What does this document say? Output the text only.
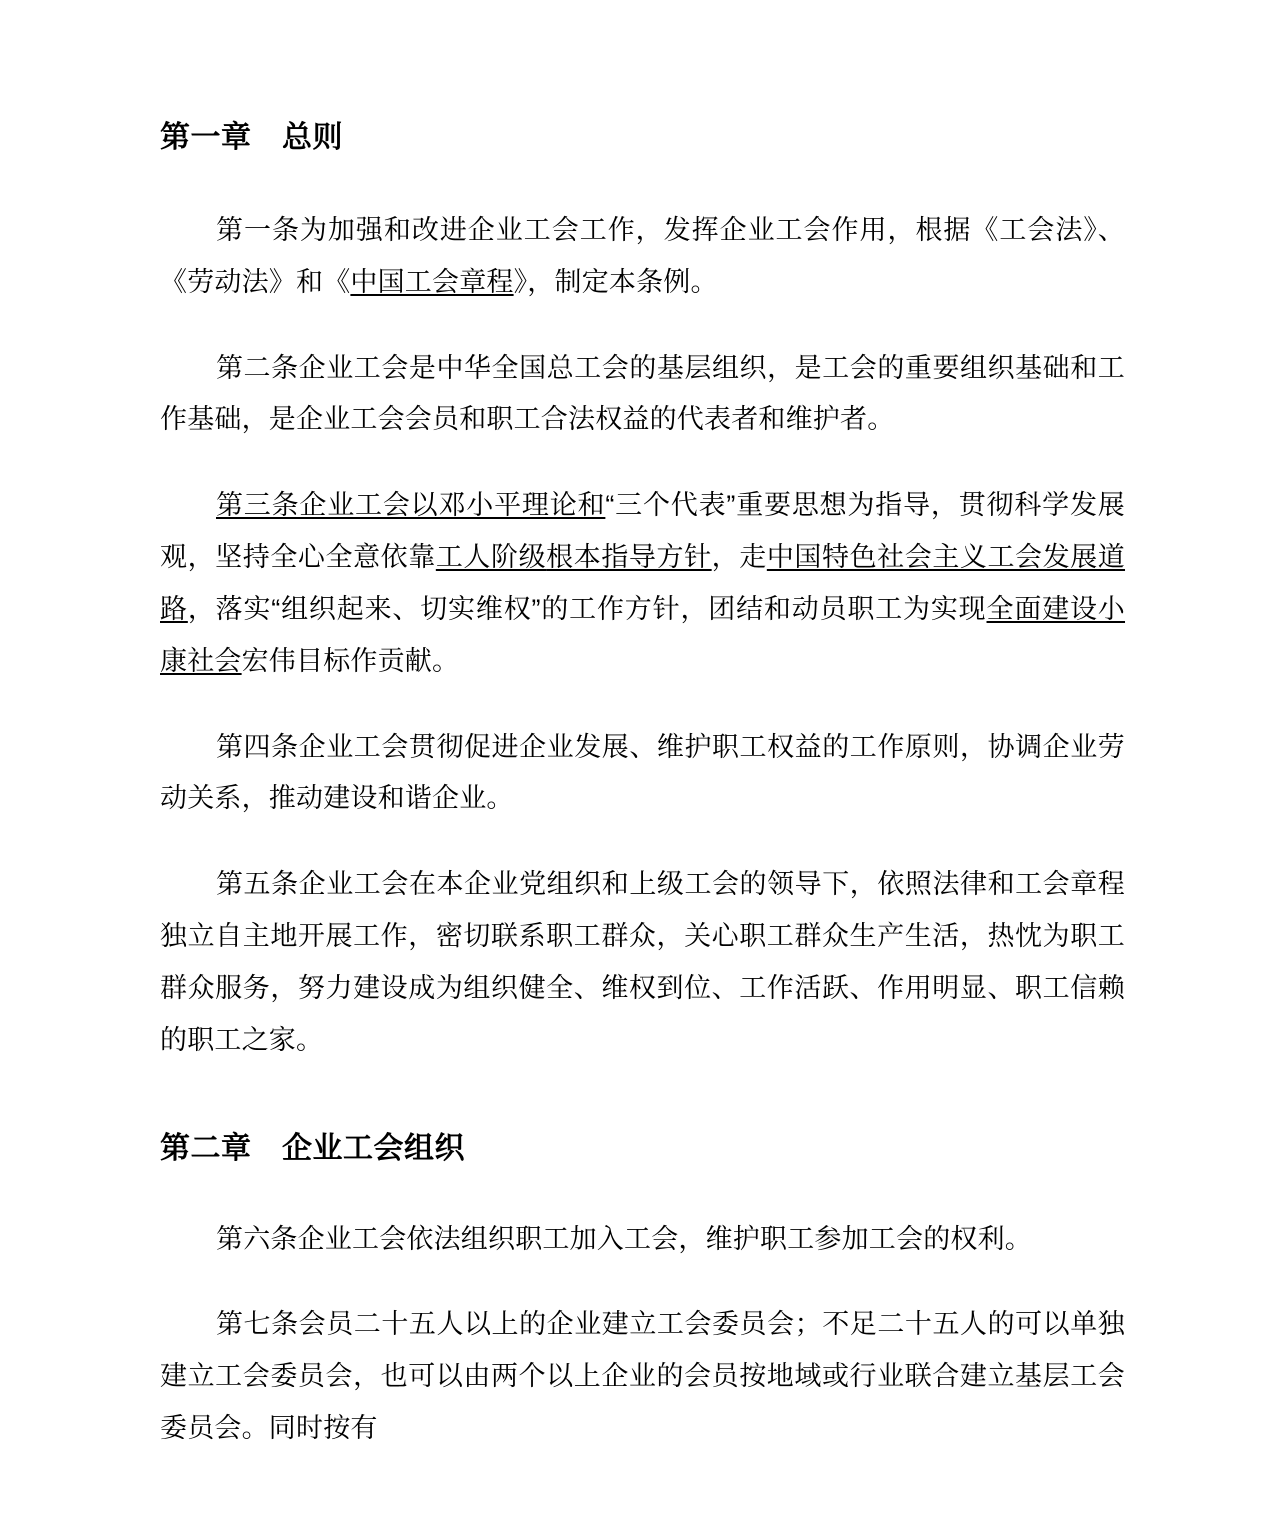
第一章　总则

第一条为加强和改进企业工会工作，发挥企业工会作用，根据《工会法》、《劳动法》和《中国工会章程》，制定本条例。

第二条企业工会是中华全国总工会的基层组织，是工会的重要组织基础和工作基础，是企业工会会员和职工合法权益的代表者和维护者。

第三条企业工会以邓小平理论和“三个代表”重要思想为指导，贯彻科学发展观，坚持全心全意依靠工人阶级根本指导方针，走中国特色社会主义工会发展道路，落实“组织起来、切实维权”的工作方针，团结和动员职工为实现全面建设小康社会宏伟目标作贡献。

第四条企业工会贯彻促进企业发展、维护职工权益的工作原则，协调企业劳动关系，推动建设和谐企业。

第五条企业工会在本企业党组织和上级工会的领导下，依照法律和工会章程独立自主地开展工作，密切联系职工群众，关心职工群众生产生活，热忱为职工群众服务，努力建设成为组织健全、维权到位、工作活跃、作用明显、职工信赖的职工之家。

第二章　企业工会组织

第六条企业工会依法组织职工加入工会，维护职工参加工会的权利。

第七条会员二十五人以上的企业建立工会委员会；不足二十五人的可以单独建立工会委员会，也可以由两个以上企业的会员按地域或行业联合建立基层工会委员会。同时按有
